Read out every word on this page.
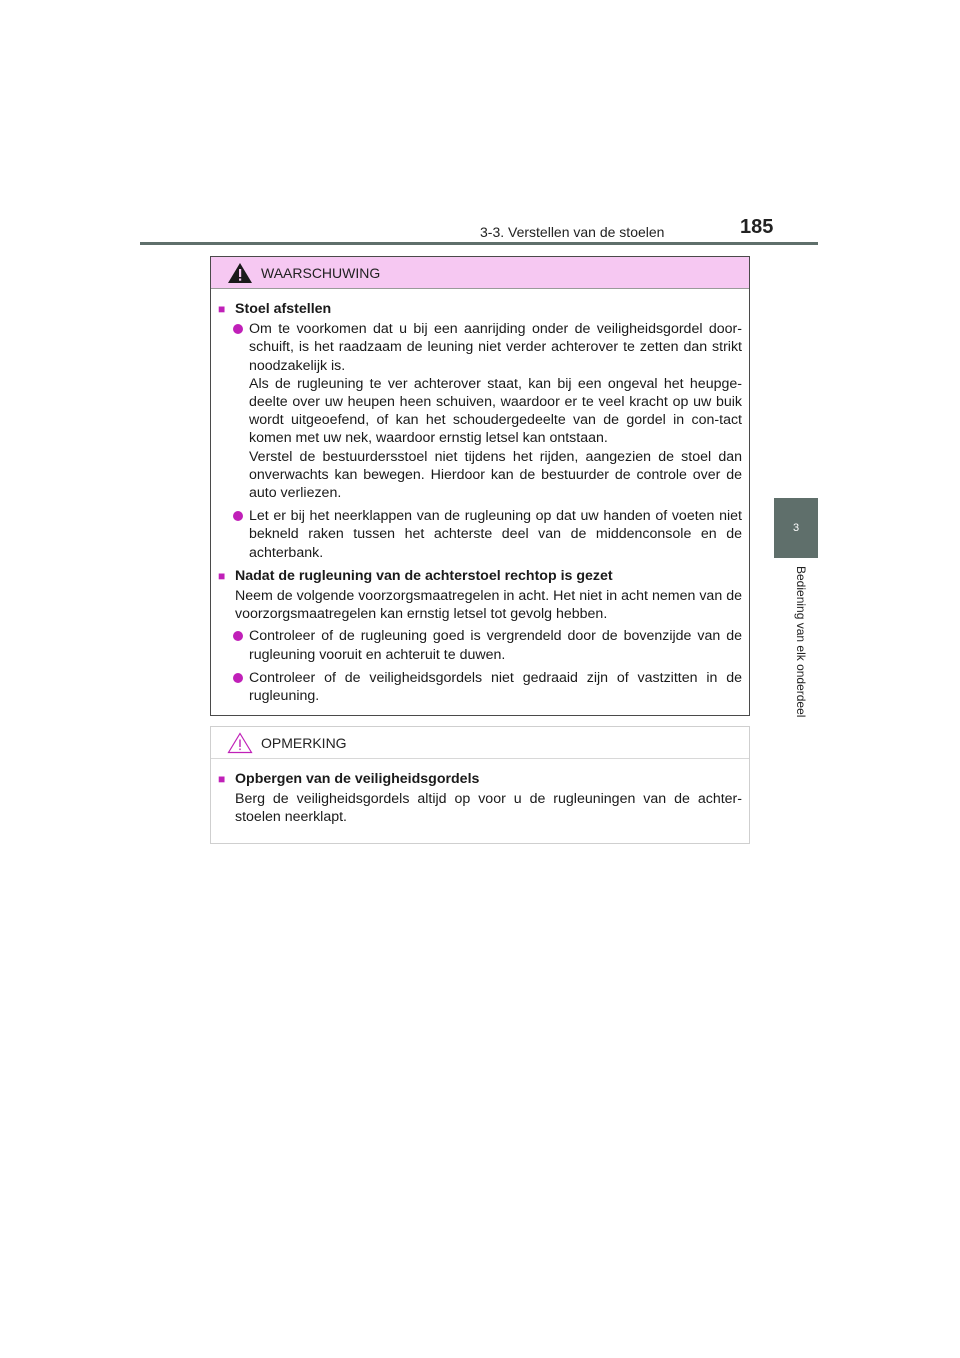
3-3. Verstellen van de stoelen	185
3
Bediening van elk onderdeel
WAARSCHUWING
■ Stoel afstellen

Om te voorkomen dat u bij een aanrijding onder de veiligheidsgordel door-schuift, is het raadzaam de leuning niet verder achterover te zetten dan strikt noodzakelijk is.

Als de rugleuning te ver achterover staat, kan bij een ongeval het heupge-deelte over uw heupen heen schuiven, waardoor er te veel kracht op uw buik wordt uitgeoefend, of kan het schoudergedeelte van de gordel in con-tact komen met uw nek, waardoor ernstig letsel kan ontstaan.

Verstel de bestuurdersstoel niet tijdens het rijden, aangezien de stoel dan onverwachts kan bewegen. Hierdoor kan de bestuurder de controle over de auto verliezen.

Let er bij het neerklappen van de rugleuning op dat uw handen of voeten niet bekneld raken tussen het achterste deel van de middenconsole en de achterbank.

■ Nadat de rugleuning van de achterstoel rechtop is gezet
Neem de volgende voorzorgsmaatregelen in acht. Het niet in acht nemen van de voorzorgsmaatregelen kan ernstig letsel tot gevolg hebben.

Controleer of de rugleuning goed is vergrendeld door de bovenzijde van de rugleuning vooruit en achteruit te duwen.

Controleer of de veiligheidsgordels niet gedraaid zijn of vastzitten in de rugleuning.

OPMERKING
■ Opbergen van de veiligheidsgordels
Berg de veiligheidsgordels altijd op voor u de rugleuningen van de achter-stoelen neerklapt.
